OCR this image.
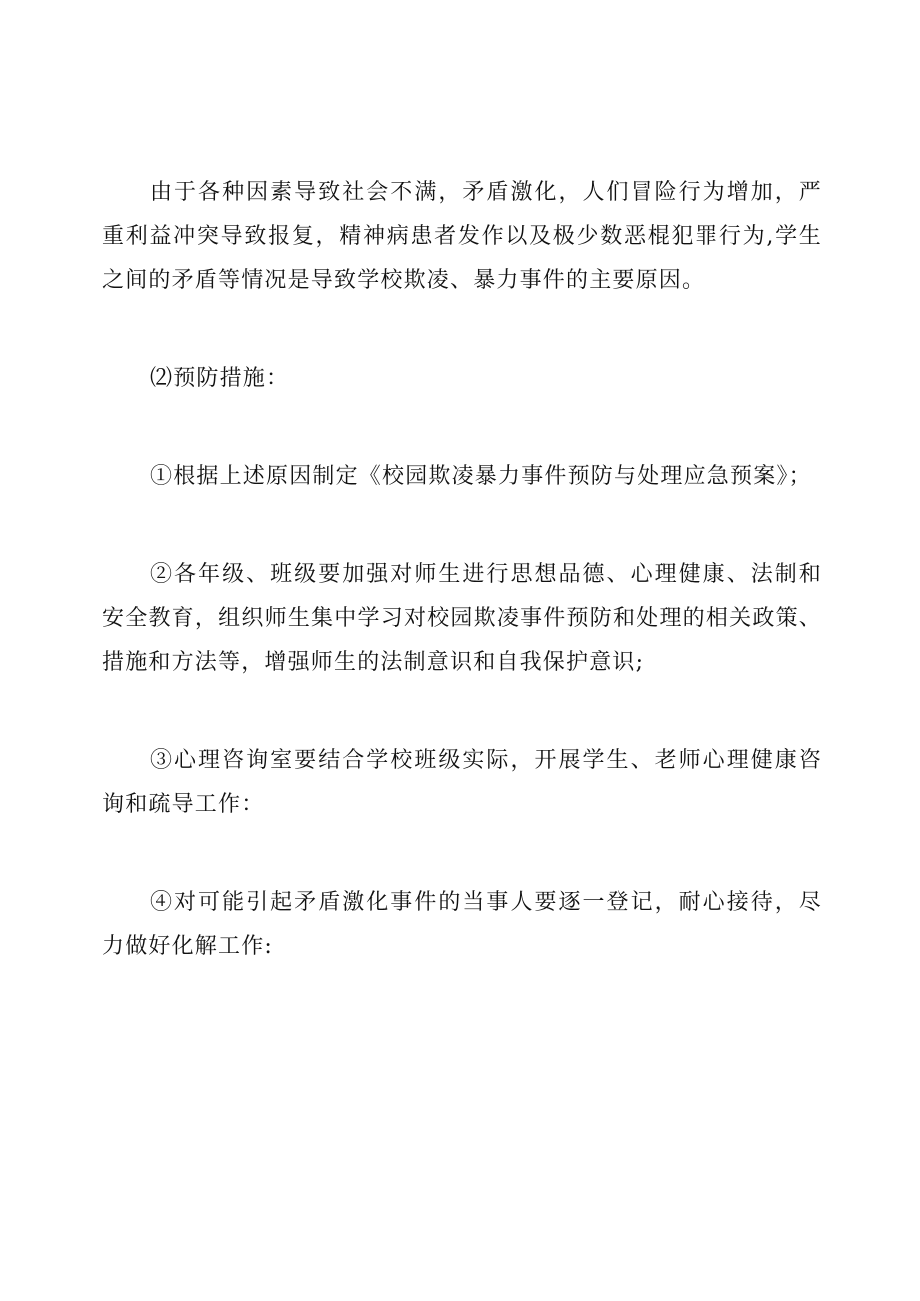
由于各种因素导致社会不满，矛盾激化，人们冒险行为增加，严重利益冲突导致报复，精神病患者发作以及极少数恶棍犯罪行为,学生之间的矛盾等情况是导致学校欺凌、暴力事件的主要原因。

⑵预防措施：

①根据上述原因制定《校园欺凌暴力事件预防与处理应急预案》；

②各年级、班级要加强对师生进行思想品德、心理健康、法制和安全教育，组织师生集中学习对校园欺凌事件预防和处理的相关政策、措施和方法等，增强师生的法制意识和自我保护意识;

③心理咨询室要结合学校班级实际，开展学生、老师心理健康咨询和疏导工作：

④对可能引起矛盾激化事件的当事人要逐一登记，耐心接待，尽力做好化解工作:
